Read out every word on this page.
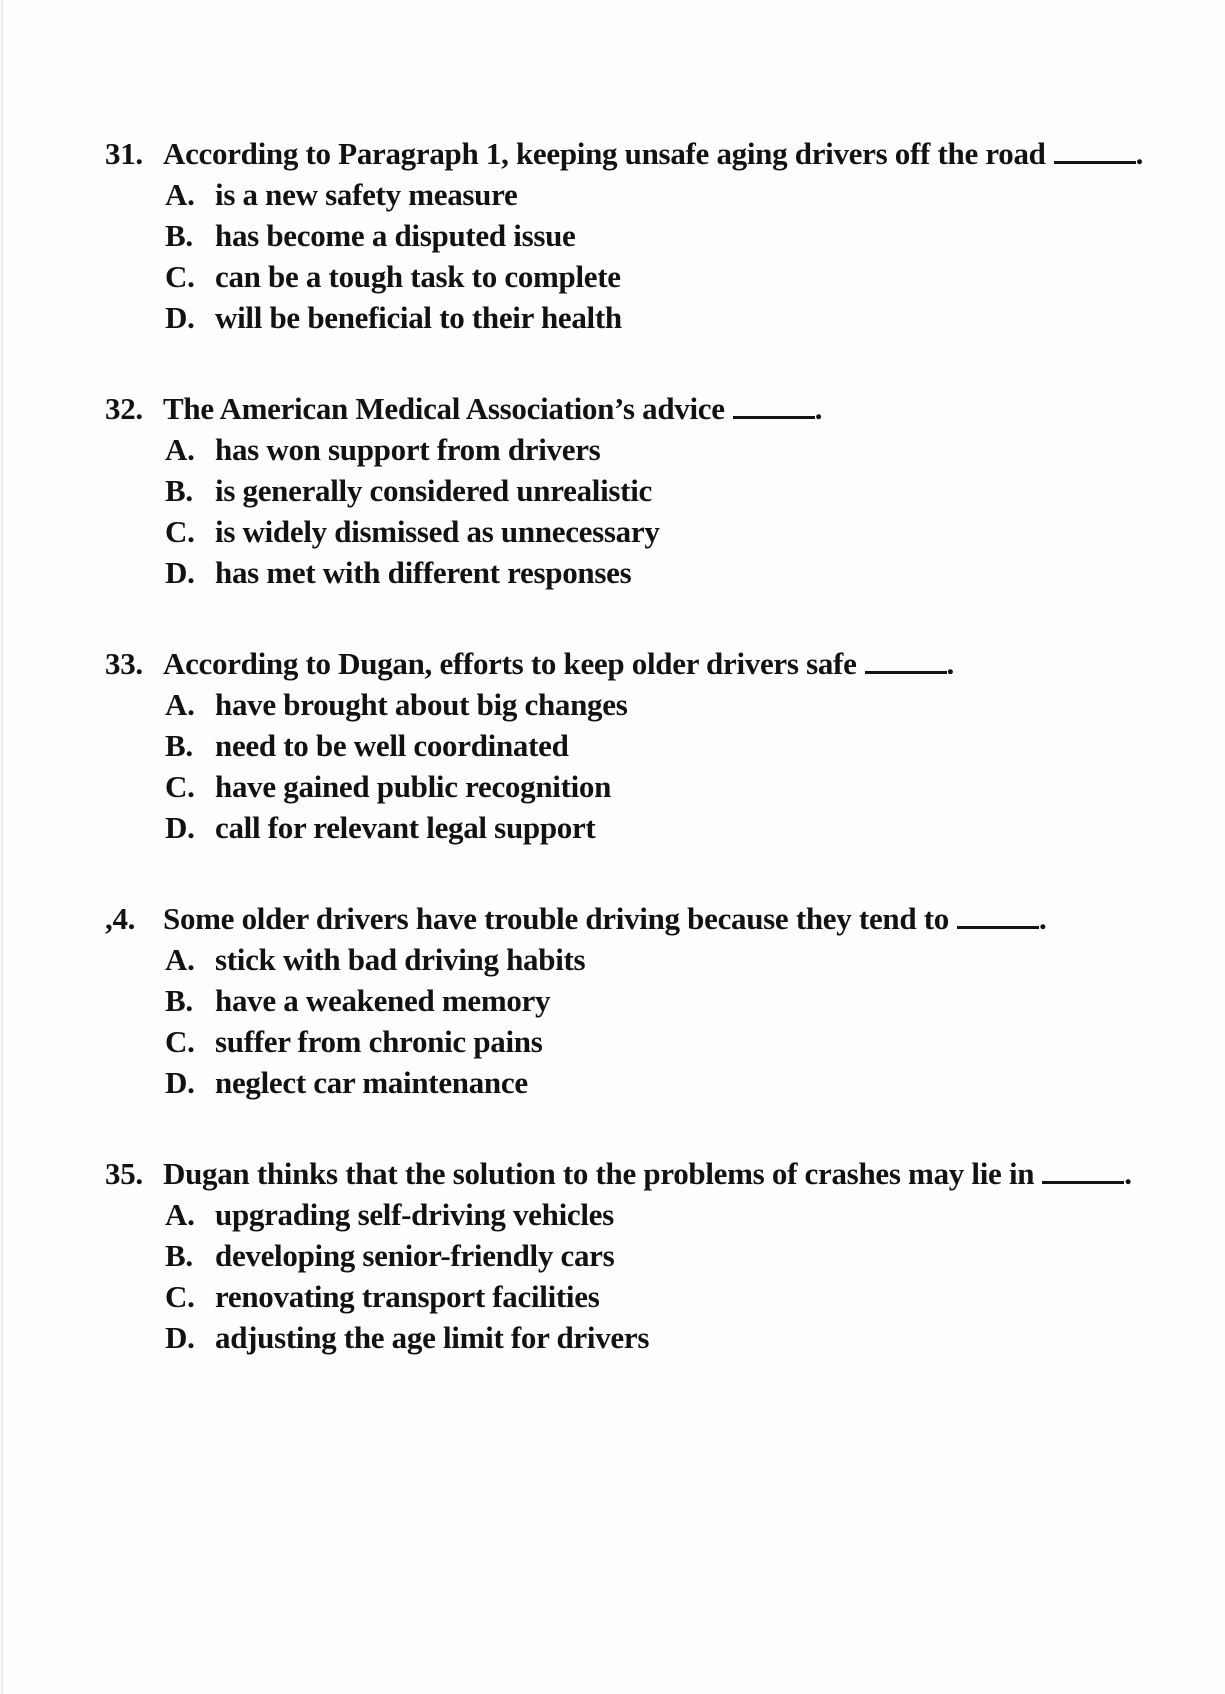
31. According to Paragraph 1, keeping unsafe aging drivers off the road	.
A. is a new safety measure
B. has become a disputed issue
C. can be a tough task to complete
D. will be beneficial to their health
32. The American Medical Association’s advice	.
A. has won support from drivers
B. is generally considered unrealistic
C. is widely dismissed as unnecessary
D. has met with different responses
33. According to Dugan, efforts to keep older drivers safe	.
A. have brought about big changes
B. need to be well coordinated
C. have gained public recognition
D. call for relevant legal support
,4. Some older drivers have trouble driving because they tend to	.
A. stick with bad driving habits
B. have a weakened memory
C. suffer from chronic pains
D. neglect car maintenance
35. Dugan thinks that the solution to the problems of crashes may lie in	.
A. upgrading self-driving vehicles
B. developing senior-friendly cars
C. renovating transport facilities
D. adjusting the age limit for drivers
